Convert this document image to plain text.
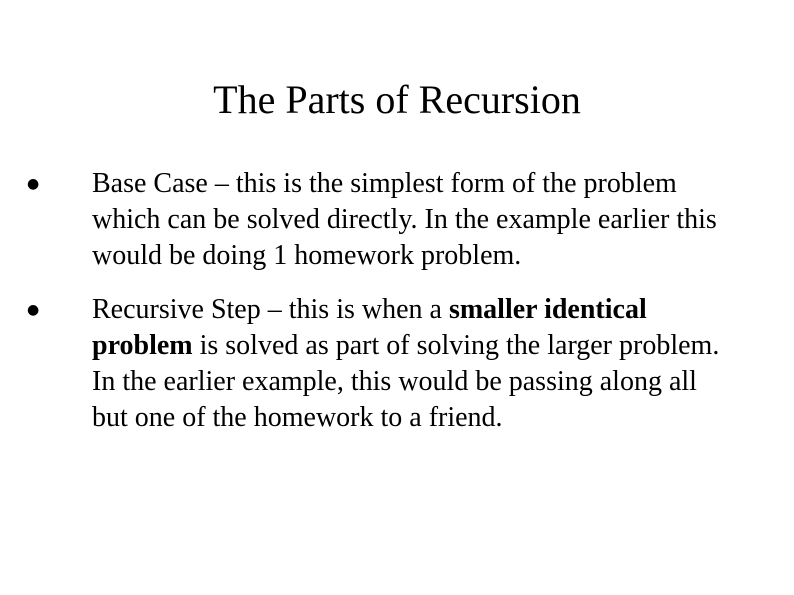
The Parts of Recursion
● Base Case – this is the simplest form of the problem which can be solved directly. In the example earlier this would be doing 1 homework problem.
● Recursive Step – this is when a smaller identical problem is solved as part of solving the larger problem. In the earlier example, this would be passing along all but one of the homework to a friend.
